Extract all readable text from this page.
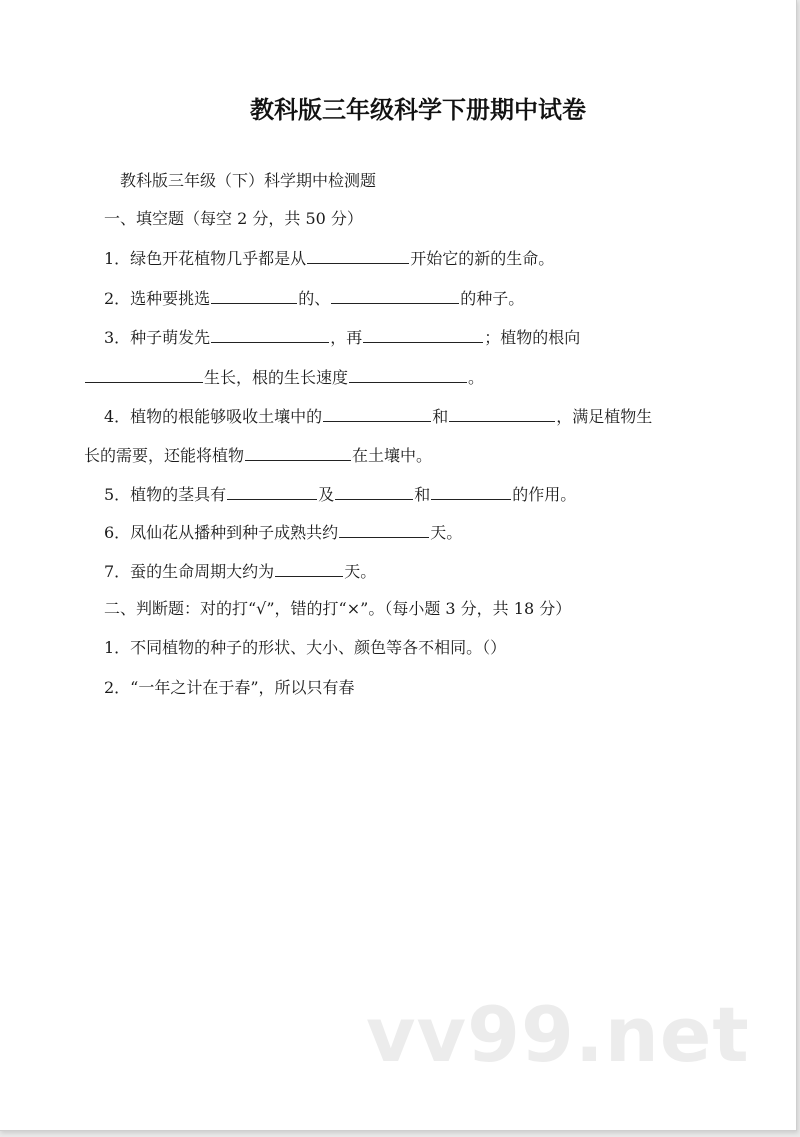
教科版三年级科学下册期中试卷
教科版三年级（下）科学期中检测题
一、填空题（每空 2 分，共 50 分）
1．绿色开花植物几乎都是从	开始它的新的生命。
2．选种要挑选	的、	的种子。
3．种子萌发先	，再	；植物的根向
生长，根的生长速度	。
4．植物的根能够吸收土壤中的	和	，满足植物生
长的需要，还能将植物	在土壤中。
5．植物的茎具有	及	和	的作用。
6．凤仙花从播种到种子成熟共约	天。
7．蚕的生命周期大约为	天。
二、判断题：对的打“√”，错的打“×”。（每小题 3 分，共 18 分）
1．不同植物的种子的形状、大小、颜色等各不相同。（）
2．“一年之计在于春”，所以只有春
vv99.net
